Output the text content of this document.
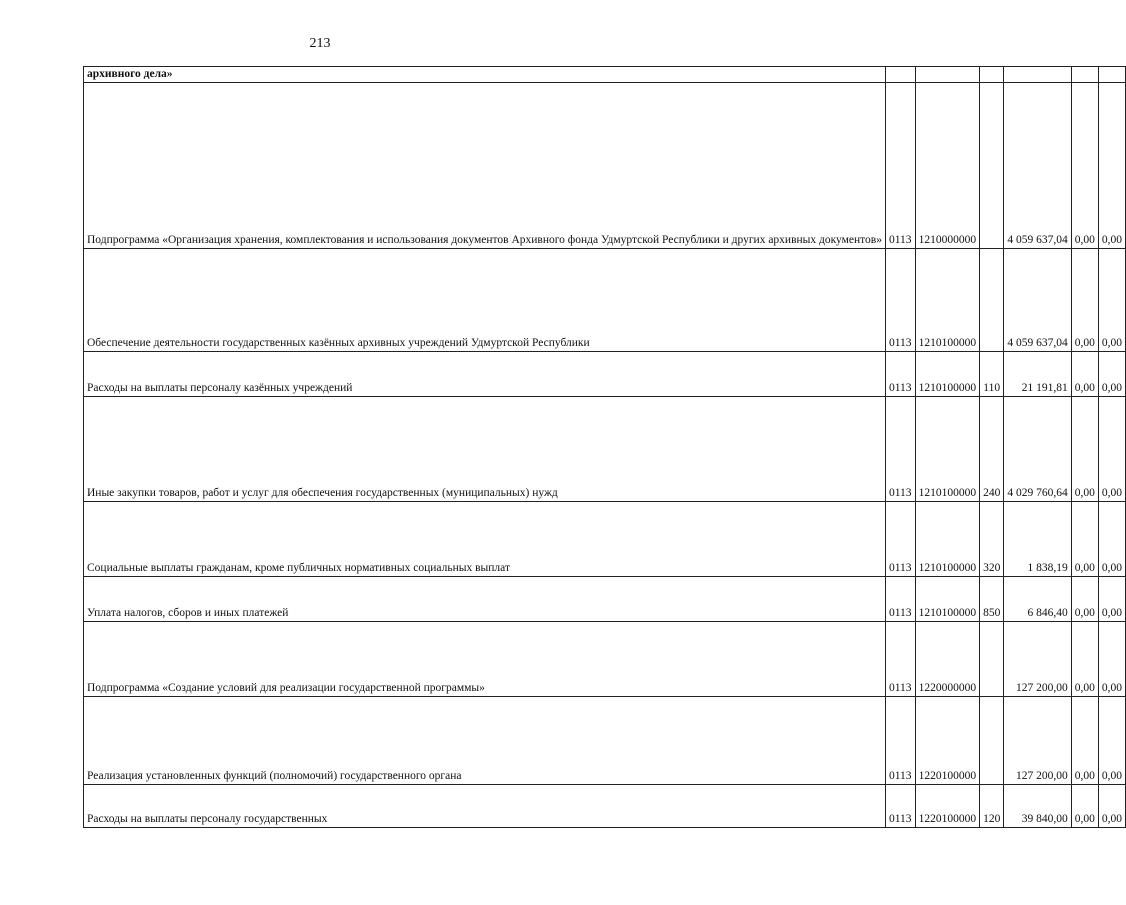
213
архивного дела»						
Подпрограмма «Организация хранения, комплектования и использования документов Архивного фонда Удмуртской Республики и других архивных документов»	0113	1210000000		4 059 637,04	0,00	0,00
Обеспечение деятельности государственных казённых архивных учреждений Удмуртской Республики	0113	1210100000		4 059 637,04	0,00	0,00
Расходы на выплаты персоналу казённых учреждений	0113	1210100000	110	21 191,81	0,00	0,00
Иные закупки товаров, работ и услуг для обеспечения государственных (муниципальных) нужд	0113	1210100000	240	4 029 760,64	0,00	0,00
Социальные выплаты гражданам, кроме публичных нормативных социальных выплат	0113	1210100000	320	1 838,19	0,00	0,00
Уплата налогов, сборов и иных платежей	0113	1210100000	850	6 846,40	0,00	0,00
Подпрограмма «Создание условий для реализации государственной программы»	0113	1220000000		127 200,00	0,00	0,00
Реализация установленных функций (полномочий) государственного органа	0113	1220100000		127 200,00	0,00	0,00
Расходы на выплаты персоналу государственных	0113	1220100000	120	39 840,00	0,00	0,00
